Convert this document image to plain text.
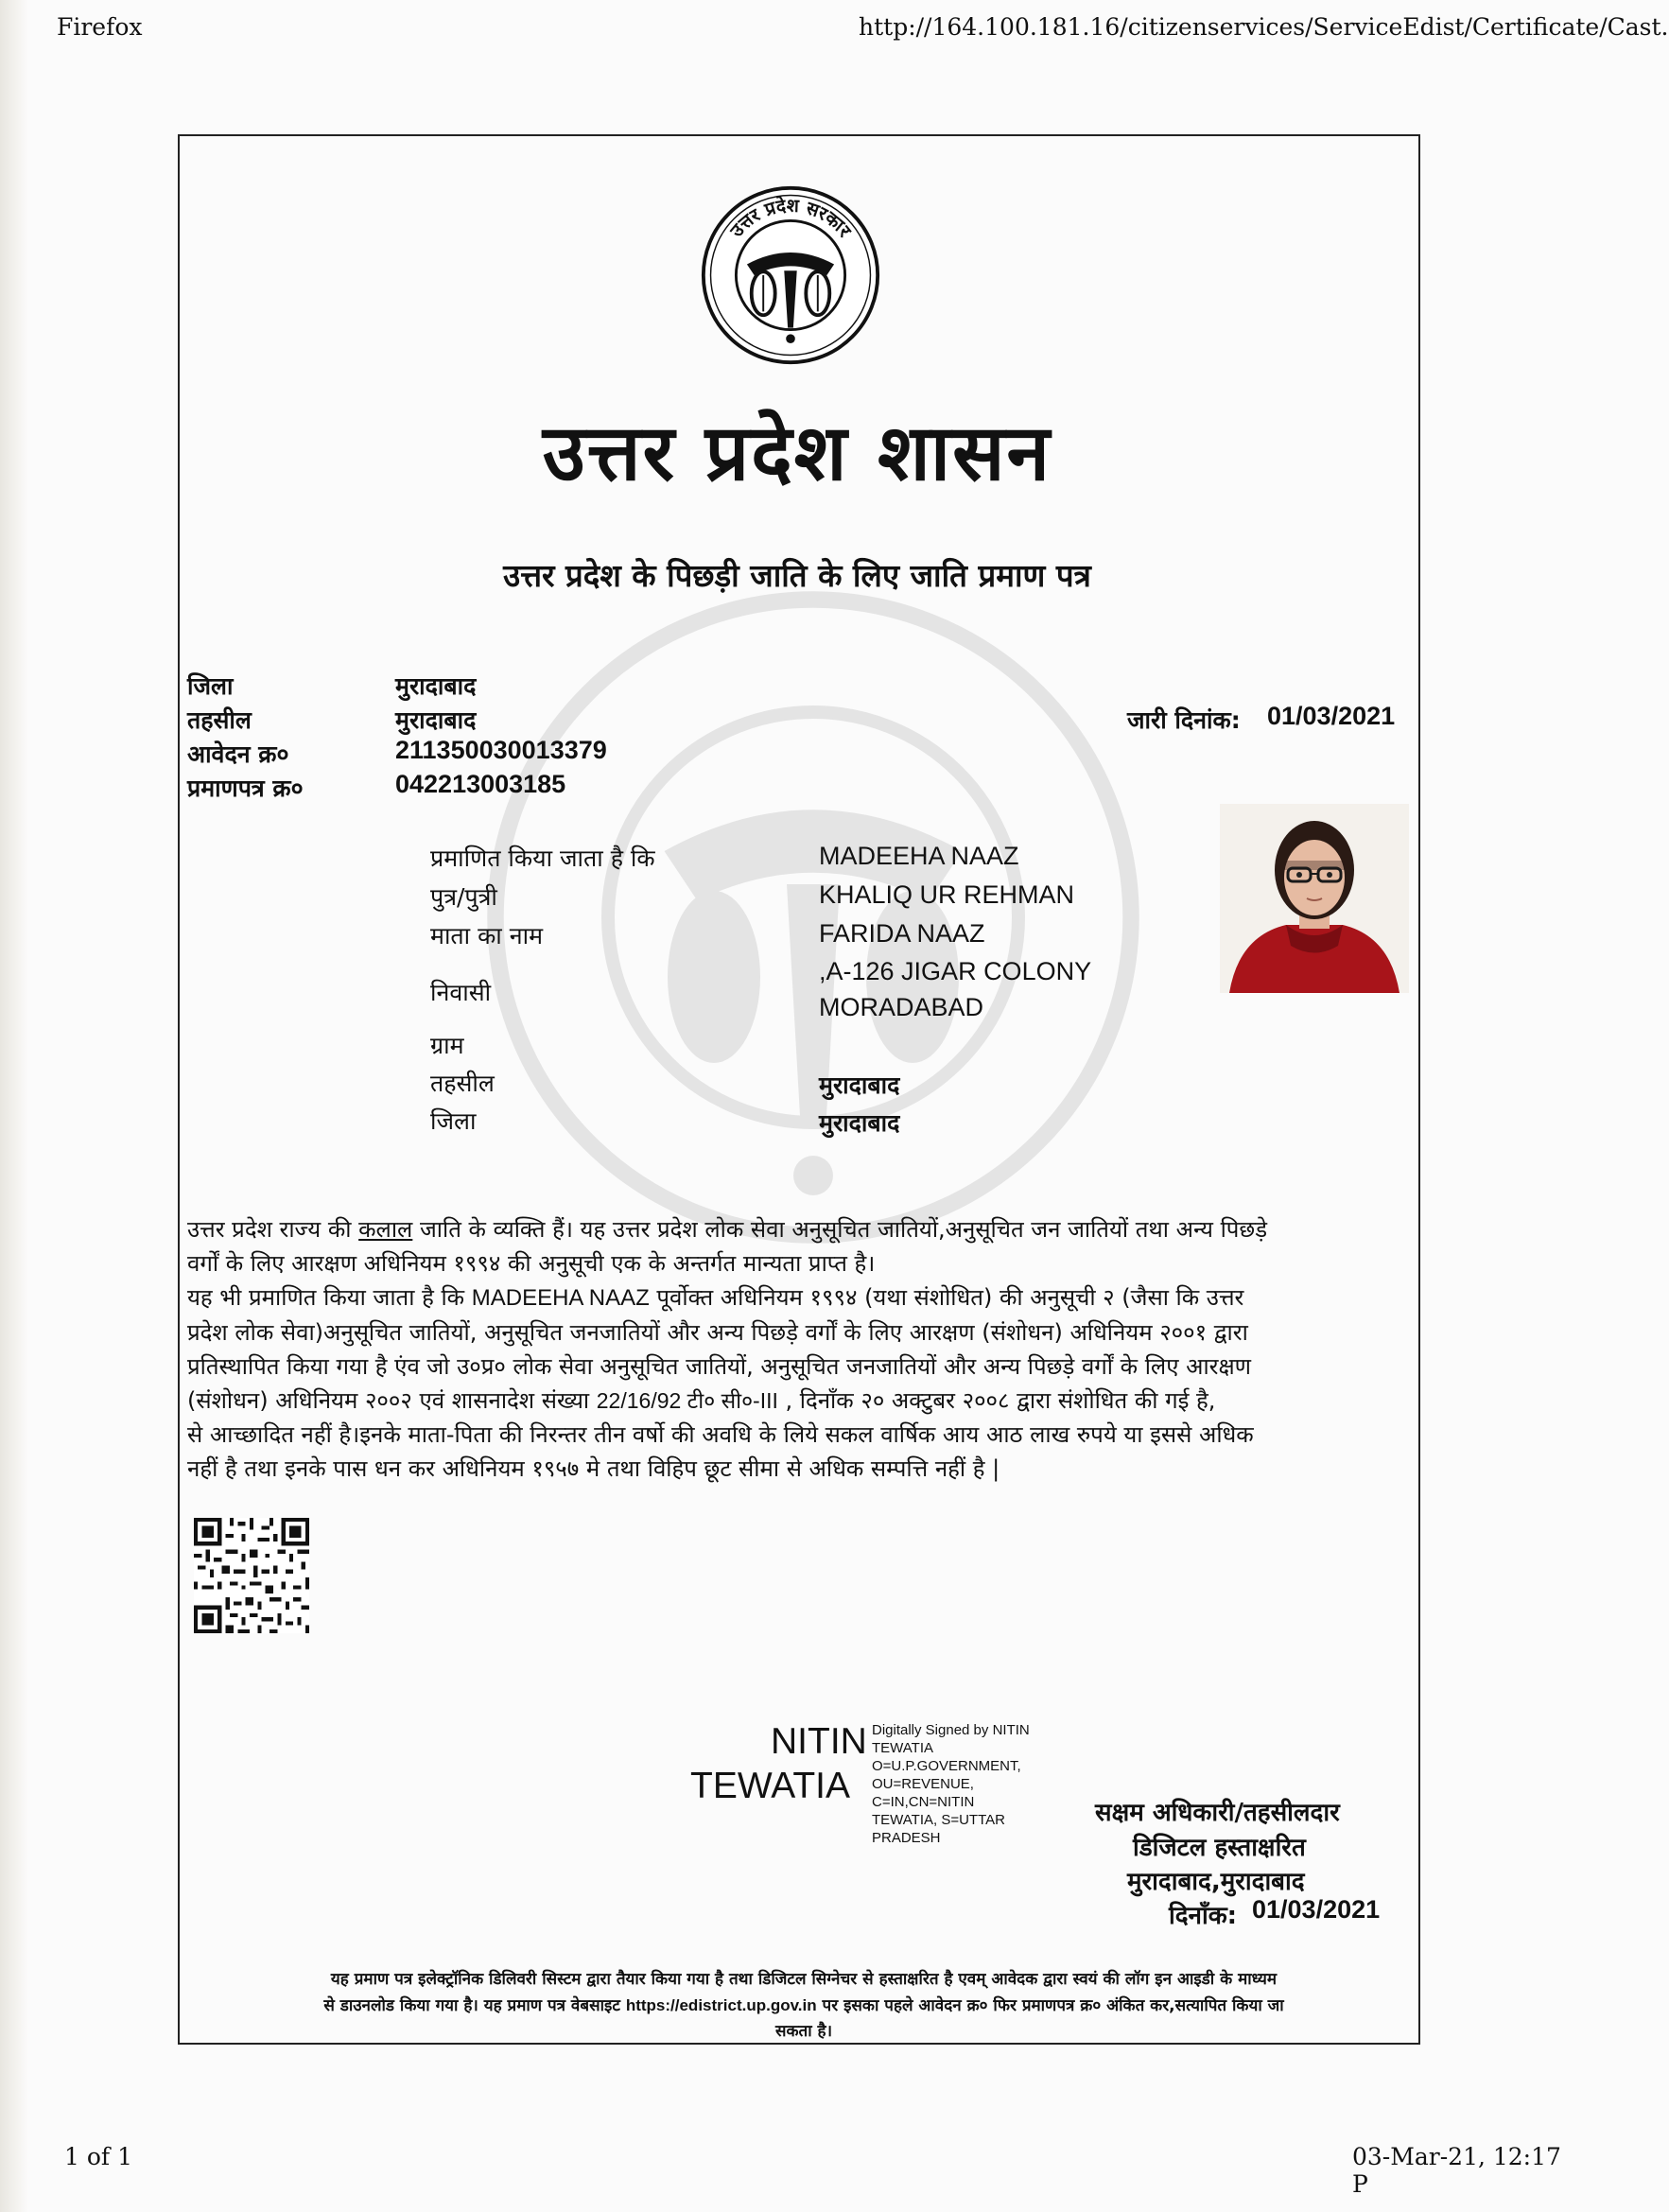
Firefox	http://164.100.181.16/citizenservices/ServiceEdist/Certificate/Cast.
1 of 1	03-Mar-21, 12:17 P
उत्तर प्रदेश सरकार
उत्तर प्रदेश शासन
उत्तर प्रदेश के पिछड़ी जाति के लिए जाति प्रमाण पत्र
जिला	मुरादाबाद
तहसील	मुरादाबाद
आवेदन क्र०	211350030013379
प्रमाणपत्र क्र०	042213003185
जारी दिनांक: 01/03/2021
प्रमाणित किया जाता है कि	MADEEHA NAAZ
पुत्र/पुत्री	KHALIQ UR REHMAN
माता का नाम	FARIDA NAAZ
निवासी
,A-126 JIGAR COLONY
MORADABAD
ग्राम
तहसील	मुरादाबाद
जिला	मुरादाबाद
उत्तर प्रदेश राज्य की कलाल जाति के व्यक्ति हैं। यह उत्तर प्रदेश लोक सेवा अनुसूचित जातियों,अनुसूचित जन जातियों तथा अन्य पिछड़े
वर्गों के लिए आरक्षण अधिनियम १९९४ की अनुसूची एक के अन्तर्गत मान्यता प्राप्त है।
यह भी प्रमाणित किया जाता है कि MADEEHA NAAZ पूर्वोक्त अधिनियम १९९४ (यथा संशोधित) की अनुसूची २ (जैसा कि उत्तर
प्रदेश लोक सेवा)अनुसूचित जातियों, अनुसूचित जनजातियों और अन्य पिछड़े वर्गों के लिए आरक्षण (संशोधन) अधिनियम २००१ द्वारा
प्रतिस्थापित किया गया है एंव जो उ०प्र० लोक सेवा अनुसूचित जातियों, अनुसूचित जनजातियों और अन्य पिछड़े वर्गों के लिए आरक्षण
(संशोधन) अधिनियम २००२ एवं शासनादेश संख्या 22/16/92 टी० सी०-III , दिनाँक २० अक्टुबर २००८ द्वारा संशोधित की गई है,
से आच्छादित नहीं है।इनके माता-पिता की निरन्तर तीन वर्षो की अवधि के लिये सकल वार्षिक आय आठ लाख रुपये या इससे अधिक
नहीं है तथा इनके पास धन कर अधिनियम १९५७ मे तथा विहिप छूट सीमा से अधिक सम्पत्ति नहीं है |
NITIN
TEWATIA
Digitally Signed by NITIN
TEWATIA
O=U.P.GOVERNMENT,
OU=REVENUE,
C=IN,CN=NITIN
TEWATIA, S=UTTAR
PRADESH
सक्षम अधिकारी/तहसीलदार
डिजिटल हस्ताक्षरित
मुरादाबाद,मुरादाबाद
दिनाँक: 01/03/2021
यह प्रमाण पत्र इलेक्ट्रॉनिक डिलिवरी सिस्टम द्वारा तैयार किया गया है तथा डिजिटल सिग्नेचर से हस्ताक्षरित है एवम् आवेदक द्वारा स्वयं की लॉग इन आइडी के माध्यम
से डाउनलोड किया गया है। यह प्रमाण पत्र वेबसाइट https://edistrict.up.gov.in पर इसका पहले आवेदन क्र० फिर प्रमाणपत्र क्र० अंकित कर,सत्यापित किया जा
सकता है।
